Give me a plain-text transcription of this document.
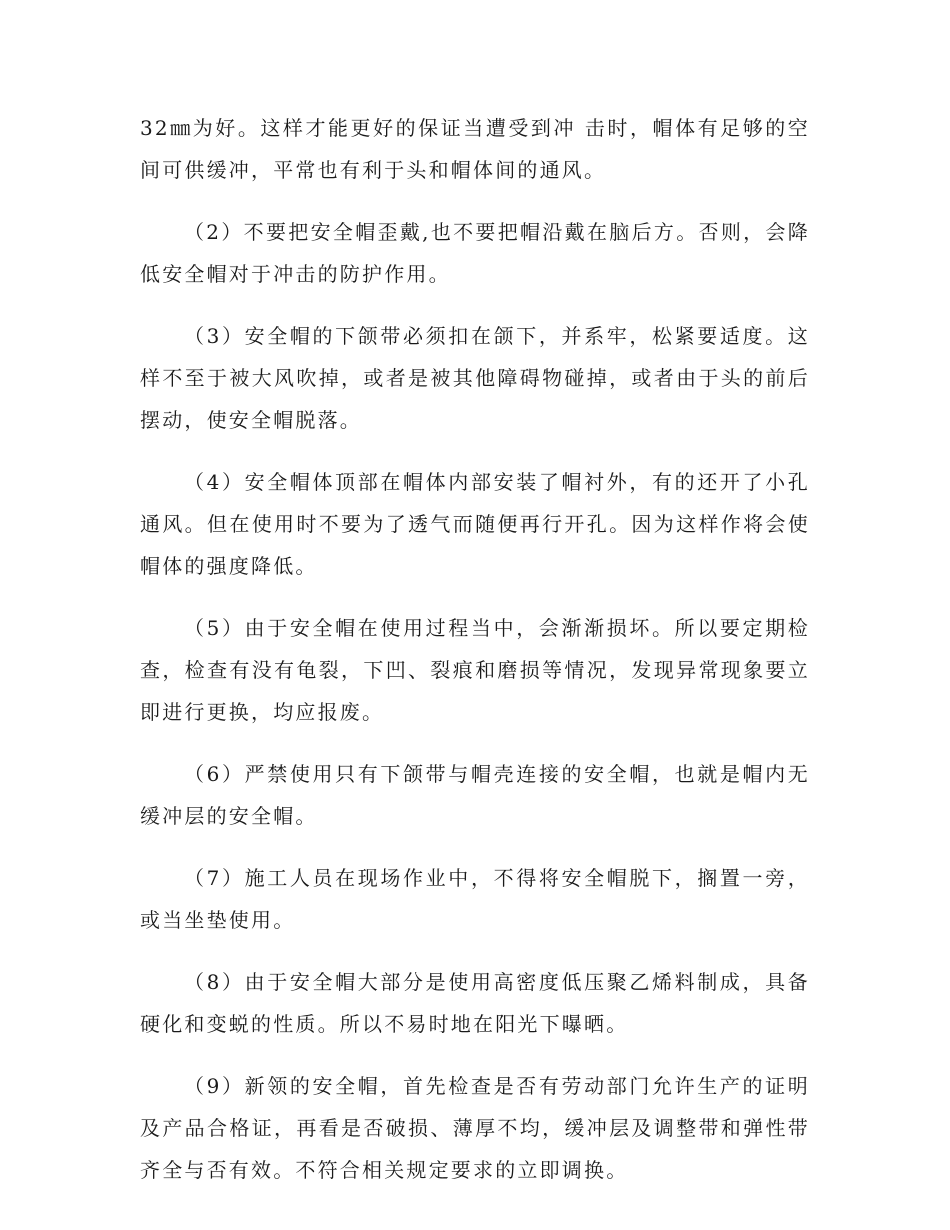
32㎜为好。这样才能更好的保证当遭受到冲 击时，帽体有足够的空间可供缓冲，平常也有利于头和帽体间的通风。

（2）不要把安全帽歪戴,也不要把帽沿戴在脑后方。否则，会降低安全帽对于冲击的防护作用。

（3）安全帽的下颌带必须扣在颌下，并系牢，松紧要适度。这样不至于被大风吹掉，或者是被其他障碍物碰掉，或者由于头的前后摆动，使安全帽脱落。

（4）安全帽体顶部在帽体内部安装了帽衬外，有的还开了小孔通风。但在使用时不要为了透气而随便再行开孔。因为这样作将会使帽体的强度降低。

（5）由于安全帽在使用过程当中，会渐渐损坏。所以要定期检查，检查有没有龟裂，下凹、裂痕和磨损等情况，发现异常现象要立即进行更换，均应报废。

（6）严禁使用只有下颌带与帽壳连接的安全帽，也就是帽内无缓冲层的安全帽。

（7）施工人员在现场作业中，不得将安全帽脱下，搁置一旁，或当坐垫使用。

（8）由于安全帽大部分是使用高密度低压聚乙烯料制成，具备硬化和变蜕的性质。所以不易时地在阳光下曝晒。

（9）新领的安全帽，首先检查是否有劳动部门允许生产的证明及产品合格证，再看是否破损、薄厚不均，缓冲层及调整带和弹性带齐全与否有效。不符合相关规定要求的立即调换。
